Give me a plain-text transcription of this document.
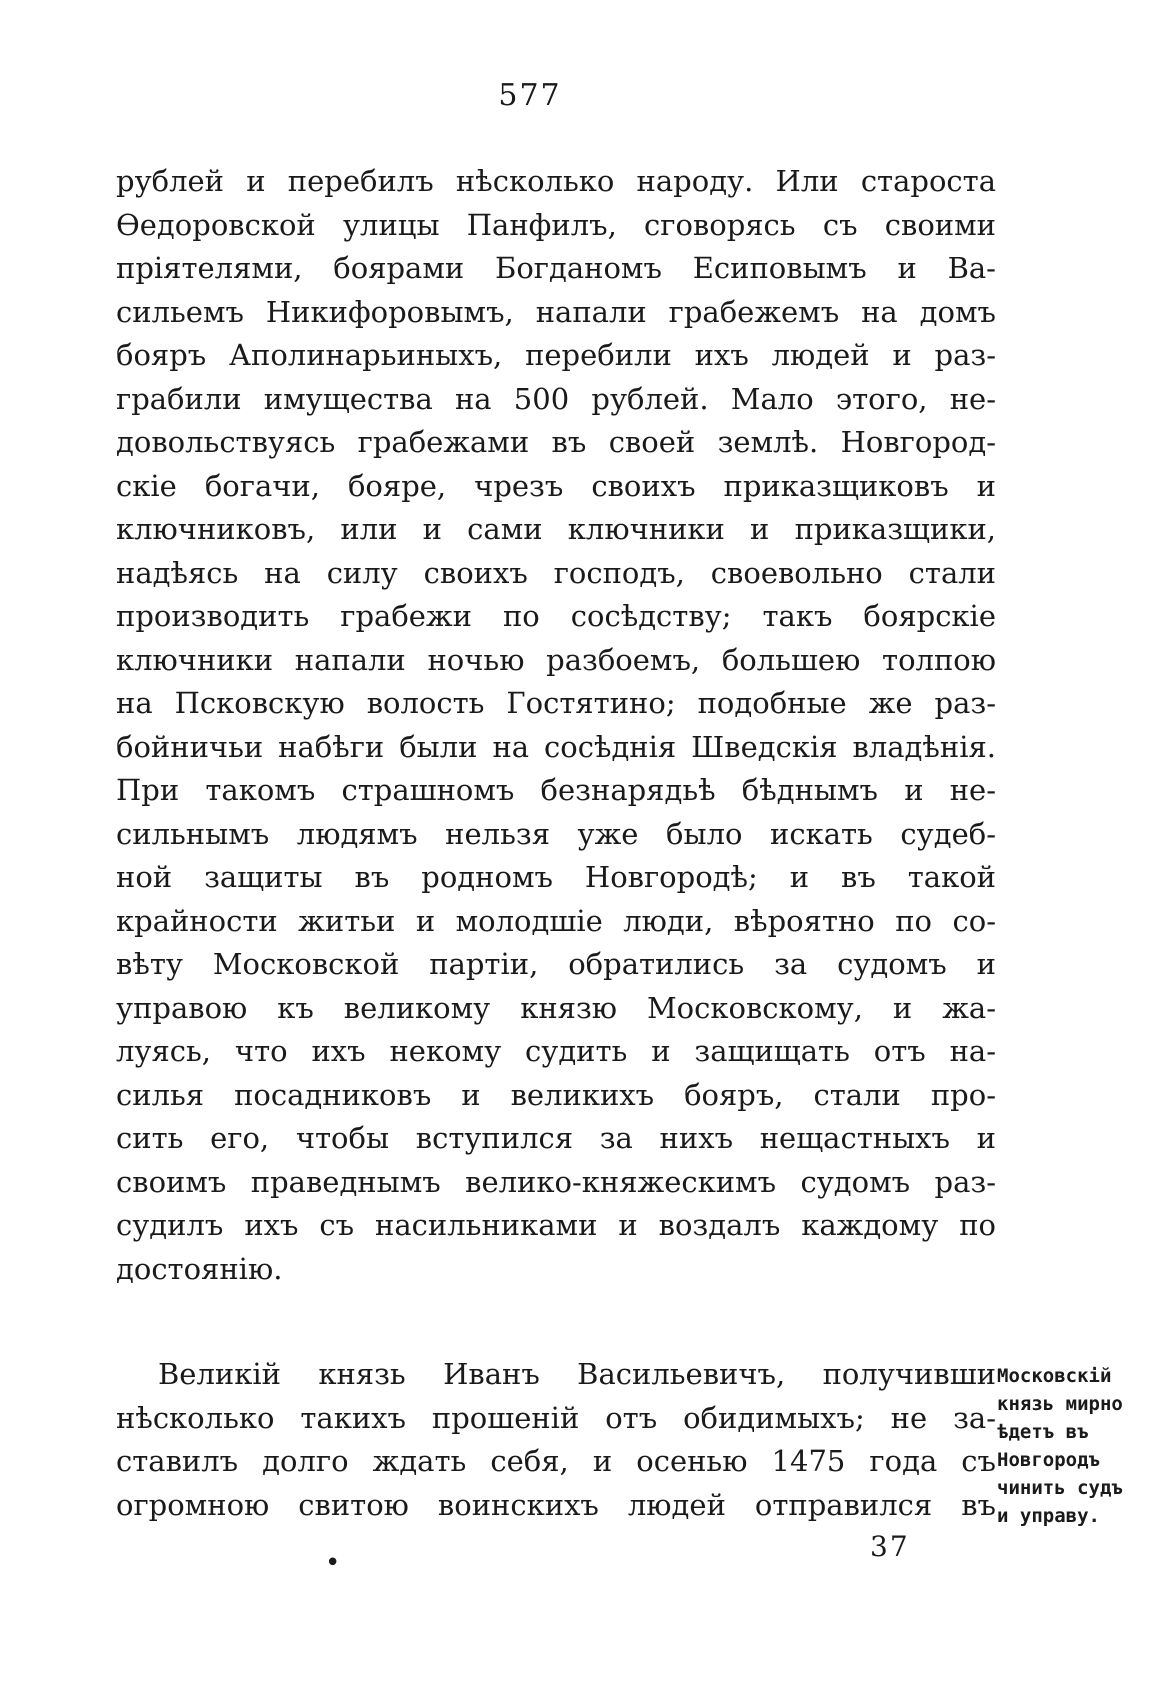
577
рублей и перебилъ нѣсколько народу. Или староста
Ѳедоровской улицы Панфилъ, сговорясь съ своими
пріятелями, боярами Богданомъ Есиповымъ и Ва-
сильемъ Никифоровымъ, напали грабежемъ на домъ
бояръ Аполинарьиныхъ, перебили ихъ людей и раз-
грабили имущества на 500 рублей. Мало этого, не-
довольствуясь грабежами въ своей землѣ. Новгород-
скіе богачи, бояре, чрезъ своихъ приказщиковъ и
ключниковъ, или и сами ключники и приказщики,
надѣясь на силу своихъ господъ, своевольно стали
производить грабежи по сосѣдству; такъ боярскіе
ключники напали ночью разбоемъ, большею толпою
на Псковскую волость Гостятино; подобные же раз-
бойничьи набѣги были на сосѣднія Шведскія владѣнія.
При такомъ страшномъ безнарядьѣ бѣднымъ и не-
сильнымъ людямъ нельзя уже было искать судеб-
ной защиты въ родномъ Новгородѣ; и въ такой
крайности житьи и молодшіе люди, вѣроятно по со-
вѣту Московской партіи, обратились за судомъ и
управою къ великому князю Московскому, и жа-
луясь, что ихъ некому судить и защищать отъ на-
силья посадниковъ и великихъ бояръ, стали про-
сить его, чтобы вступился за нихъ нещастныхъ и
своимъ праведнымъ велико-княжескимъ судомъ раз-
судилъ ихъ съ насильниками и воздалъ каждому по
достоянію.
Великій князь Иванъ Васильевичъ, получивши
нѣсколько такихъ прошеній отъ обидимыхъ; не за-
ставилъ долго ждать себя, и осенью 1475 года съ
огромною свитою воинскихъ людей отправился въ
Московскій
князь мирно
ѣдетъ въ
Новгородъ
чинить судъ
и управу.
•	37
